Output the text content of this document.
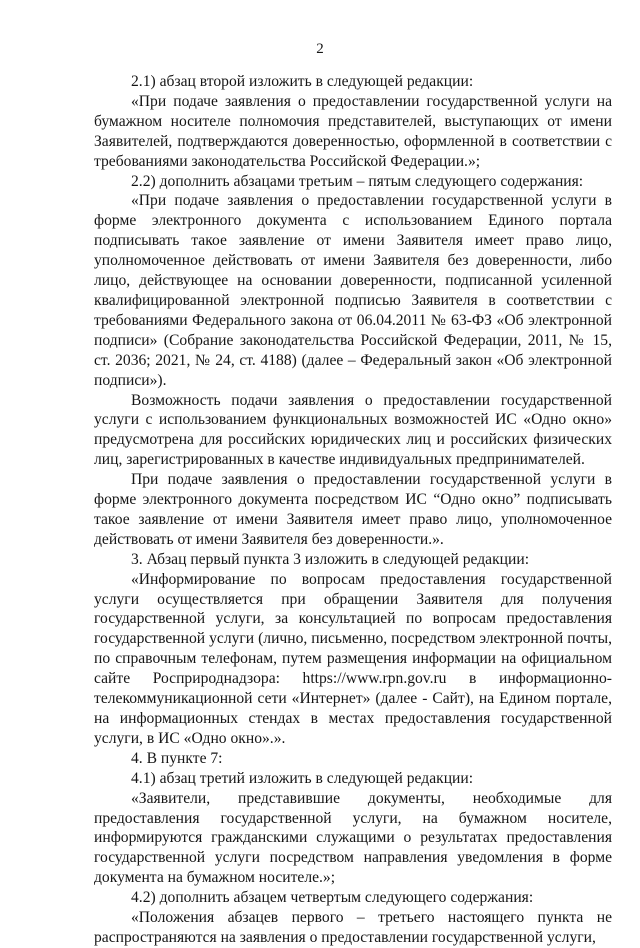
2

2.1) абзац второй изложить в следующей редакции:

«При подаче заявления о предоставлении государственной услуги на бумажном носителе полномочия представителей, выступающих от имени Заявителей, подтверждаются доверенностью, оформленной в соответствии с требованиями законодательства Российской Федерации.»;

2.2) дополнить абзацами третьим – пятым следующего содержания:

«При подаче заявления о предоставлении государственной услуги в форме электронного документа с использованием Единого портала подписывать такое заявление от имени Заявителя имеет право лицо, уполномоченное действовать от имени Заявителя без доверенности, либо лицо, действующее на основании доверенности, подписанной усиленной квалифицированной электронной подписью Заявителя в соответствии с требованиями Федерального закона от 06.04.2011 № 63-ФЗ «Об электронной подписи» (Собрание законодательства Российской Федерации, 2011, № 15, ст. 2036; 2021, № 24, ст. 4188) (далее – Федеральный закон «Об электронной подписи»).

Возможность подачи заявления о предоставлении государственной услуги с использованием функциональных возможностей ИС «Одно окно» предусмотрена для российских юридических лиц и российских физических лиц, зарегистрированных в качестве индивидуальных предпринимателей.

При подаче заявления о предоставлении государственной услуги в форме электронного документа посредством ИС “Одно окно” подписывать такое заявление от имени Заявителя имеет право лицо, уполномоченное действовать от имени Заявителя без доверенности.».

3. Абзац первый пункта 3 изложить в следующей редакции:

«Информирование по вопросам предоставления государственной услуги осуществляется при обращении Заявителя для получения государственной услуги, за консультацией по вопросам предоставления государственной услуги (лично, письменно, посредством электронной почты, по справочным телефонам, путем размещения информации на официальном сайте Росприроднадзора: https://www.rpn.gov.ru в информационно-телекоммуникационной сети «Интернет» (далее - Сайт), на Едином портале, на информационных стендах в местах предоставления государственной услуги, в ИС «Одно окно».».

4. В пункте 7:

4.1) абзац третий изложить в следующей редакции:

«Заявители, представившие документы, необходимые для предоставления государственной услуги, на бумажном носителе, информируются гражданскими служащими о результатах предоставления государственной услуги посредством направления уведомления в форме документа на бумажном носителе.»;

4.2) дополнить абзацем четвертым следующего содержания:

«Положения абзацев первого – третьего настоящего пункта не распространяются на заявления о предоставлении государственной услуги,
